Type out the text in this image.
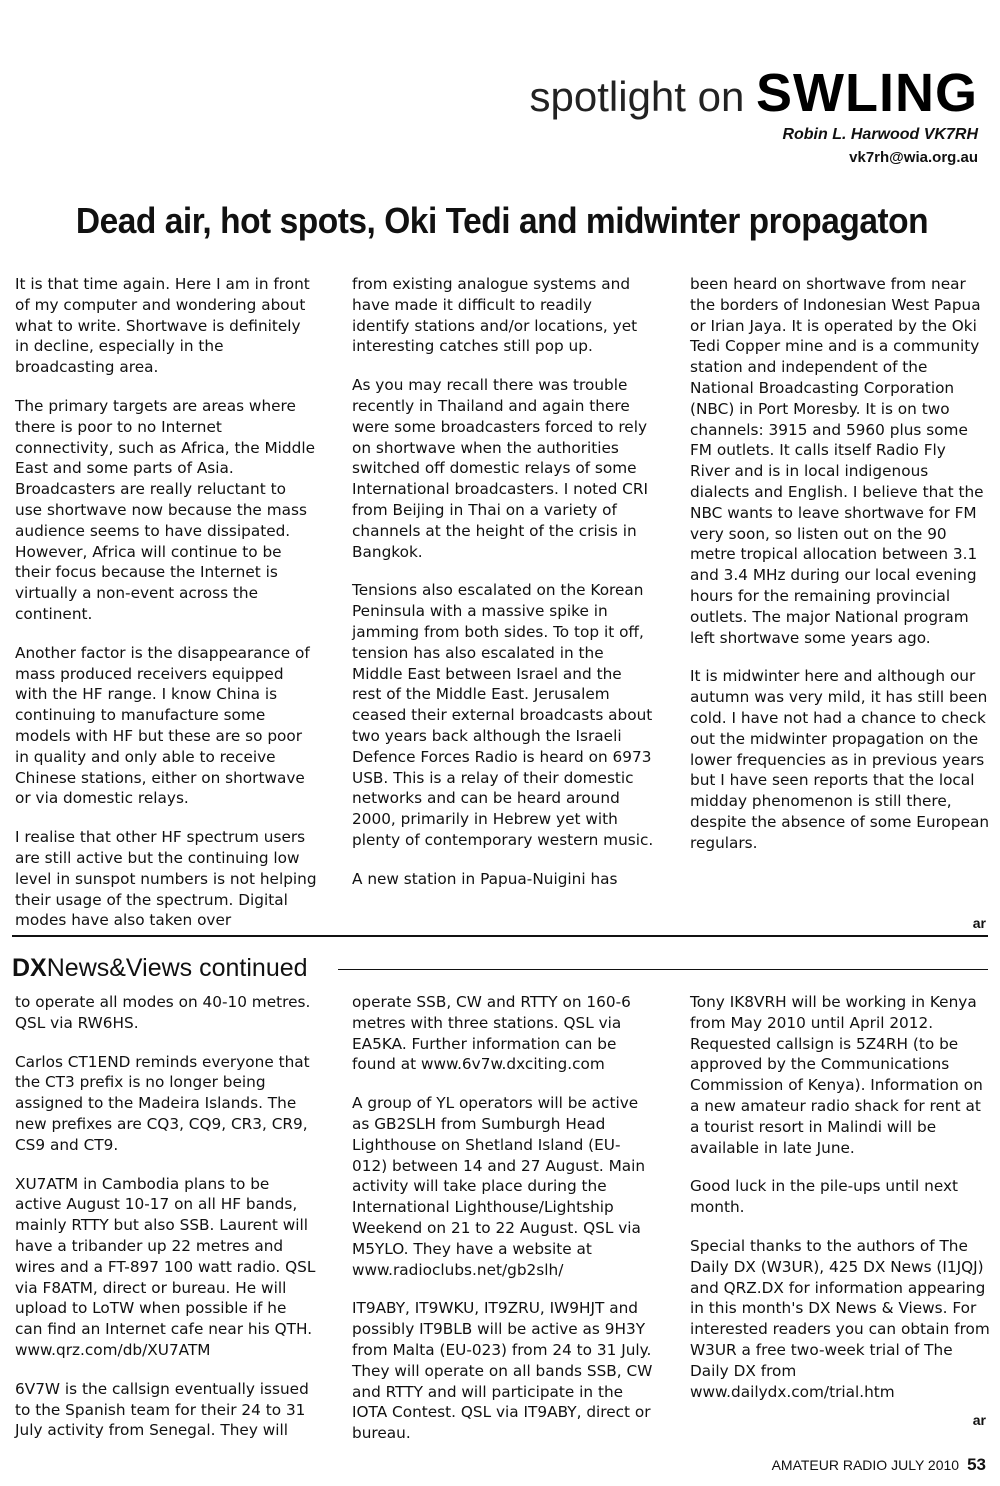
spotlight on SWLING
Robin L. Harwood VK7RH
vk7rh@wia.org.au
Dead air, hot spots, Oki Tedi and midwinter propagaton

It is that time again. Here I am in front of my computer and wondering about what to write. Shortwave is definitely in decline, especially in the broadcasting area.

The primary targets are areas where there is poor to no Internet connectivity, such as Africa, the Middle East and some parts of Asia. Broadcasters are really reluctant to use shortwave now because the mass audience seems to have dissipated. However, Africa will continue to be their focus because the Internet is virtually a non-event across the continent.

Another factor is the disappearance of mass produced receivers equipped with the HF range. I know China is continuing to manufacture some models with HF but these are so poor in quality and only able to receive Chinese stations, either on shortwave or via domestic relays.

I realise that other HF spectrum users are still active but the continuing low level in sunspot numbers is not helping their usage of the spectrum. Digital modes have also taken over

from existing analogue systems and have made it difficult to readily identify stations and/or locations, yet interesting catches still pop up.

As you may recall there was trouble recently in Thailand and again there were some broadcasters forced to rely on shortwave when the authorities switched off domestic relays of some International broadcasters. I noted CRI from Beijing in Thai on a variety of channels at the height of the crisis in Bangkok.

Tensions also escalated on the Korean Peninsula with a massive spike in jamming from both sides. To top it off, tension has also escalated in the Middle East between Israel and the rest of the Middle East. Jerusalem ceased their external broadcasts about two years back although the Israeli Defence Forces Radio is heard on 6973 USB. This is a relay of their domestic networks and can be heard around 2000, primarily in Hebrew yet with plenty of contemporary western music.

A new station in Papua-Nuigini has

been heard on shortwave from near the borders of Indonesian West Papua or Irian Jaya. It is operated by the Oki Tedi Copper mine and is a community station and independent of the National Broadcasting Corporation (NBC) in Port Moresby. It is on two channels: 3915 and 5960 plus some FM outlets. It calls itself Radio Fly River and is in local indigenous dialects and English. I believe that the NBC wants to leave shortwave for FM very soon, so listen out on the 90 metre tropical allocation between 3.1 and 3.4 MHz during our local evening hours for the remaining provincial outlets. The major National program left shortwave some years ago.

It is midwinter here and although our autumn was very mild, it has still been cold. I have not had a chance to check out the midwinter propagation on the lower frequencies as in previous years but I have seen reports that the local midday phenomenon is still there, despite the absence of some European regulars.

ar
DXNews&Views continued

to operate all modes on 40-10 metres. QSL via RW6HS.

Carlos CT1END reminds everyone that the CT3 prefix is no longer being assigned to the Madeira Islands. The new prefixes are CQ3, CQ9, CR3, CR9, CS9 and CT9.

XU7ATM in Cambodia plans to be active August 10-17 on all HF bands, mainly RTTY but also SSB. Laurent will have a tribander up 22 metres and wires and a FT-897 100 watt radio. QSL via F8ATM, direct or bureau. He will upload to LoTW when possible if he can find an Internet cafe near his QTH. www.qrz.com/db/XU7ATM

6V7W is the callsign eventually issued to the Spanish team for their 24 to 31 July activity from Senegal. They will

operate SSB, CW and RTTY on 160-6 metres with three stations. QSL via EA5KA. Further information can be found at www.6v7w.dxciting.com

A group of YL operators will be active as GB2SLH from Sumburgh Head Lighthouse on Shetland Island (EU-012) between 14 and 27 August. Main activity will take place during the International Lighthouse/Lightship Weekend on 21 to 22 August. QSL via M5YLO. They have a website at www.radioclubs.net/gb2slh/

IT9ABY, IT9WKU, IT9ZRU, IW9HJT and possibly IT9BLB will be active as 9H3Y from Malta (EU-023) from 24 to 31 July. They will operate on all bands SSB, CW and RTTY and will participate in the IOTA Contest. QSL via IT9ABY, direct or bureau.

Tony IK8VRH will be working in Kenya from May 2010 until April 2012. Requested callsign is 5Z4RH (to be approved by the Communications Commission of Kenya). Information on a new amateur radio shack for rent at a tourist resort in Malindi will be available in late June.

Good luck in the pile-ups until next month.

Special thanks to the authors of The Daily DX (W3UR), 425 DX News (I1JQJ) and QRZ.DX for information appearing in this month's DX News & Views. For interested readers you can obtain from W3UR a free two-week trial of The Daily DX from www.dailydx.com/trial.htm

ar
AMATEUR RADIO JULY 2010 53
